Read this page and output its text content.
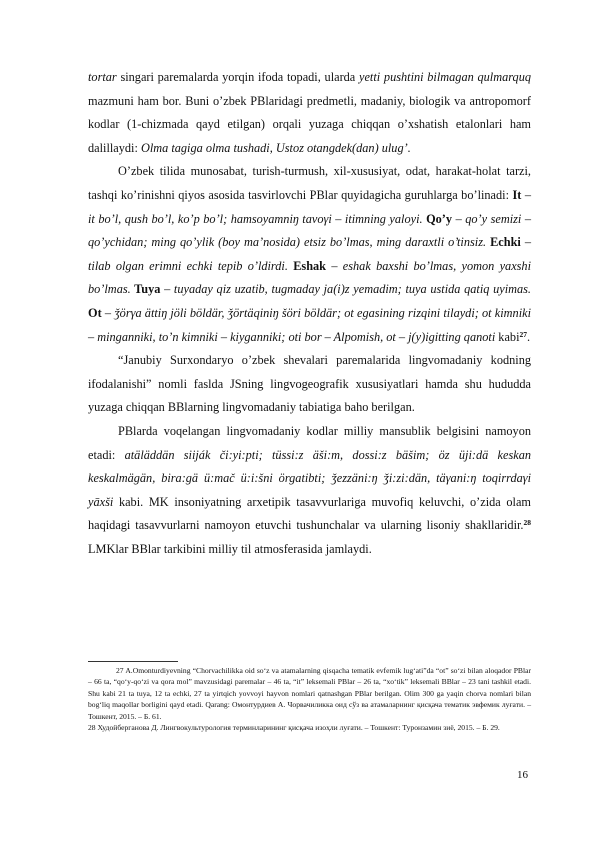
tortar singari paremalarda yorqin ifoda topadi, ularda yetti pushtini bilmagan qulmarquq mazmuni ham bor. Buni o’zbek PBlaridagi predmetli, madaniy, biologik va antropomorf kodlar (1-chizmada qayd etilgan) orqali yuzaga chiqqan o’xshatish etalonlari ham dalillaydi: Olma tagiga olma tushadi, Ustoz otangdek(dan) ulug’.

O’zbek tilida munosabat, turish-turmush, xil-xususiyat, odat, harakat-holat tarzi, tashqi ko’rinishni qiyos asosida tasvirlovchi PBlar quyidagicha guruhlarga bo’linadi: It –it bo’l, qush bo’l, ko’p bo’l; hamsoyamniŋ tavoγi – itimning yaloyi. Qo’y – qo’y semizi – qo’ychidan; ming qo’ylik (boy ma’nosida) etsiz bo’lmas, ming daraxtli o’tinsiz. Echki – tilab olgan erimni echki tepib o’ldirdi. Eshak – eshak baxshi bo’lmas, yomon yaxshi bo’lmas. Tuya – tuyaday qiz uzatib, tugmaday ja(i)z yemadim; tuya ustida qatiq uyimas. Ot – ǯörγa ättiŋ jöli böldär, ǯörtäqiniŋ šöri böldär; ot egasining rizqini tilaydi; ot kimniki – minganniki, to’n kimniki – kiyganniki; oti bor – Alpomish, ot – j(y)igitting qanoti kabi$^{27}$.

“Janubiy Surxondaryo o’zbek shevalari paremalarida lingvomadaniy kodning ifodalanishi” nomli faslda JSning lingvogeografik xususiyatlari hamda shu hududda yuzaga chiqqan BBlarning lingvomadaniy tabiatiga baho berilgan.

PBlarda voqelangan lingvomadaniy kodlar milliy mansublik belgisini namoyon etadi: atäläddän siiják či:yi:pti; tüssi:z äši:m, dossi:z bäšim; öz üji:dä keskan keskalmägän, bira:gä ü:mač ü:i:šni örgatibti; ǯezzäni:ŋ ǯi:zi:dän, täγani:ŋ toqirrdaγi yāxši kabi. MK insoniyatning arxetipik tasavvurlariga muvofiq keluvchi, o’zida olam haqidagi tasavvurlarni namoyon etuvchi tushunchalar va ularning lisoniy shakllaridir.$^{28}$ LMKlar BBlar tarkibini milliy til atmosferasida jamlaydi.

27 A.Omonturdiyevning “Chorvachilikka oid so‘z va atamalarning qisqacha tematik evfemik lug‘ati”da “ot” so‘zi bilan aloqador PBlar – 66 ta, “qo‘y-qo‘zi va qora mol” mavzusidagi paremalar – 46 ta, “it” leksemali PBlar – 26 ta, “xo‘tik” leksemali BBlar – 23 tani tashkil etadi. Shu kabi 21 ta tuya, 12 ta echki, 27 ta yirtqich yovvoyi hayvon nomlari qatnashgan PBlar berilgan. Olim 300 ga yaqin chorva nomlari bilan bog‘liq maqollar borligini qayd etadi. Qarang: Омонтурдиев А. Чорвачиликка оид сўз ва атамаларнинг қисқача тематик эвфемик луғати. – Тошкент, 2015. – Б. 61.

28 Худойберганова Д. Лингвокультурология терминларининг қисқача изоҳли луғати. – Тошкент: Туронзамин зиё, 2015. – Б. 29.

16
